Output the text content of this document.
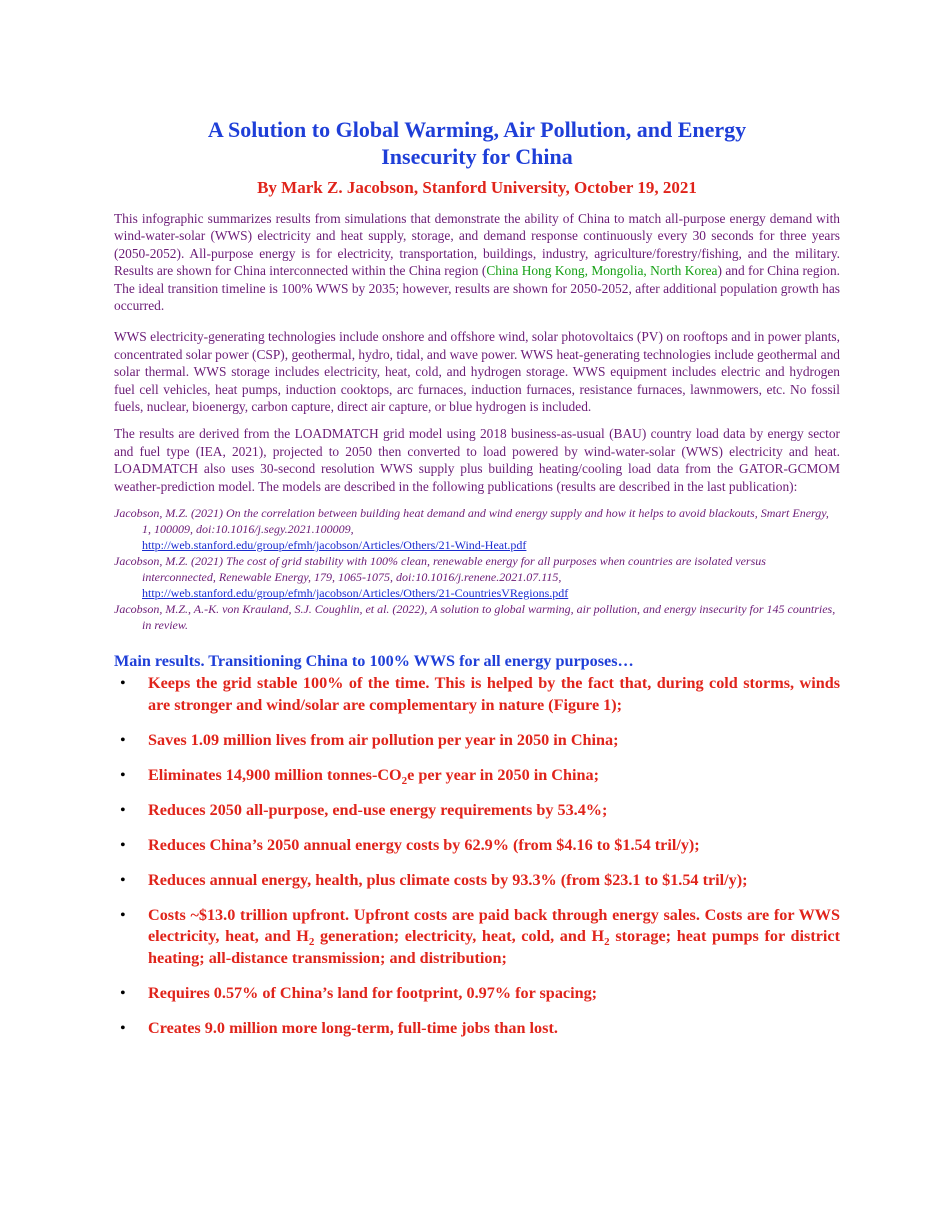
A Solution to Global Warming, Air Pollution, and Energy
Insecurity for China
By Mark Z. Jacobson, Stanford University, October 19, 2021

This infographic summarizes results from simulations that demonstrate the ability of China to match all-purpose energy demand with wind-water-solar (WWS) electricity and heat supply, storage, and demand response continuously every 30 seconds for three years (2050-2052). All-purpose energy is for electricity, transportation, buildings, industry, agriculture/forestry/fishing, and the military. Results are shown for China interconnected within the China region (China Hong Kong, Mongolia, North Korea) and for China region. The ideal transition timeline is 100% WWS by 2035; however, results are shown for 2050-2052, after additional population growth has occurred.

WWS electricity-generating technologies include onshore and offshore wind, solar photovoltaics (PV) on rooftops and in power plants, concentrated solar power (CSP), geothermal, hydro, tidal, and wave power. WWS heat-generating technologies include geothermal and solar thermal. WWS storage includes electricity, heat, cold, and hydrogen storage. WWS equipment includes electric and hydrogen fuel cell vehicles, heat pumps, induction cooktops, arc furnaces, induction furnaces, resistance furnaces, lawnmowers, etc. No fossil fuels, nuclear, bioenergy, carbon capture, direct air capture, or blue hydrogen is included.

The results are derived from the LOADMATCH grid model using 2018 business-as-usual (BAU) country load data by energy sector and fuel type (IEA, 2021), projected to 2050 then converted to load powered by wind-water-solar (WWS) electricity and heat. LOADMATCH also uses 30-second resolution WWS supply plus building heating/cooling load data from the GATOR-GCMOM weather-prediction model. The models are described in the following publications (results are described in the last publication):

Jacobson, M.Z. (2021) On the correlation between building heat demand and wind energy supply and how it helps to avoid blackouts, Smart Energy, 1, 100009, doi:10.1016/j.segy.2021.100009,
http://web.stanford.edu/group/efmh/jacobson/Articles/Others/21-Wind-Heat.pdf

Jacobson, M.Z. (2021) The cost of grid stability with 100% clean, renewable energy for all purposes when countries are isolated versus interconnected, Renewable Energy, 179, 1065-1075, doi:10.1016/j.renene.2021.07.115,
http://web.stanford.edu/group/efmh/jacobson/Articles/Others/21-CountriesVRegions.pdf

Jacobson, M.Z., A.-K. von Krauland, S.J. Coughlin, et al. (2022), A solution to global warming, air pollution, and energy insecurity for 145 countries, in review.

Main results. Transitioning China to 100% WWS for all energy purposes…
• Keeps the grid stable 100% of the time. This is helped by the fact that, during cold storms, winds are stronger and wind/solar are complementary in nature (Figure 1);
• Saves 1.09 million lives from air pollution per year in 2050 in China;
• Eliminates 14,900 million tonnes-$CO_2e$ per year in 2050 in China;
• Reduces 2050 all-purpose, end-use energy requirements by 53.4%;
• Reduces China’s 2050 annual energy costs by 62.9% (from $4.16 to $1.54 tril/y);
• Reduces annual energy, health, plus climate costs by 93.3% (from $23.1 to $1.54 tril/y);
• Costs ~$13.0 trillion upfront. Upfront costs are paid back through energy sales. Costs are for WWS electricity, heat, and $H_2$ generation; electricity, heat, cold, and $H_2$ storage; heat pumps for district heating; all-distance transmission; and distribution;
• Requires 0.57% of China’s land for footprint, 0.97% for spacing;
• Creates 9.0 million more long-term, full-time jobs than lost.
